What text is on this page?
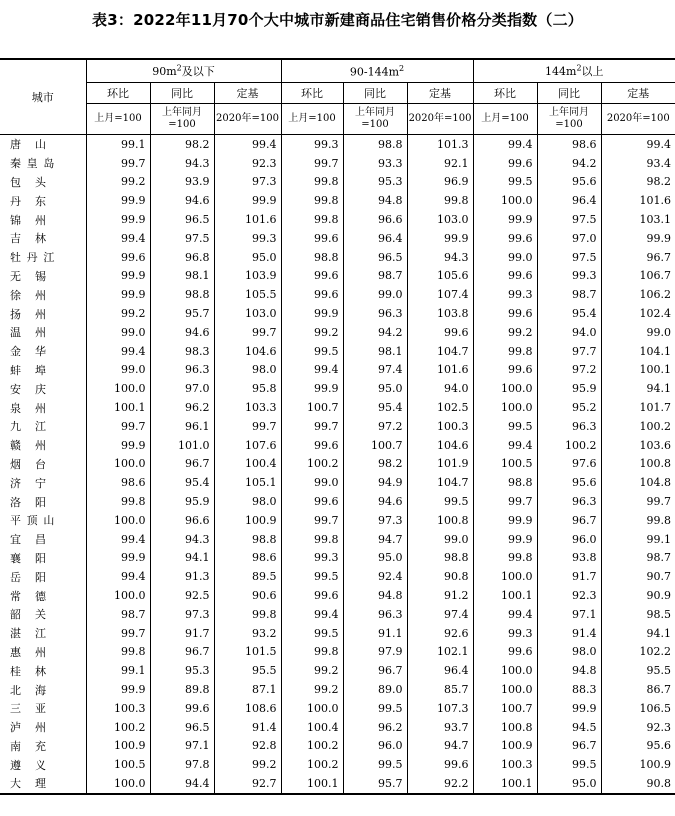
表3：2022年11月70个大中城市新建商品住宅销售价格分类指数（二）
城市	$90m^2$及以下			$90-144m^2$			$144m^2$以上		
	环比	同比	定基	环比	同比	定基	环比	同比	定基
	上月=100	上年同月=100	2020年=100	上月=100	上年同月=100	2020年=100	上月=100	上年同月=100	2020年=100

唐 山	99.1	98.2	99.4	99.3	98.8	101.3	99.4	98.6	99.4

秦 皇 岛	99.7	94.3	92.3	99.7	93.3	92.1	99.6	94.2	93.4

包 头	99.2	93.9	97.3	99.8	95.3	96.9	99.5	95.6	98.2

丹 东	99.9	94.6	99.9	99.8	94.8	99.8	100.0	96.4	101.6

锦 州	99.9	96.5	101.6	99.8	96.6	103.0	99.9	97.5	103.1

吉 林	99.4	97.5	99.3	99.6	96.4	99.9	99.6	97.0	99.9

牡 丹 江	99.6	96.8	95.0	98.8	96.5	94.3	99.0	97.5	96.7

无 锡	99.9	98.1	103.9	99.6	98.7	105.6	99.6	99.3	106.7

徐 州	99.9	98.8	105.5	99.6	99.0	107.4	99.3	98.7	106.2

扬 州	99.2	95.7	103.0	99.9	96.3	103.8	99.6	95.4	102.4

温 州	99.0	94.6	99.7	99.2	94.2	99.6	99.2	94.0	99.0

金 华	99.4	98.3	104.6	99.5	98.1	104.7	99.8	97.7	104.1

蚌 埠	99.0	96.3	98.0	99.4	97.4	101.6	99.6	97.2	100.1

安 庆	100.0	97.0	95.8	99.9	95.0	94.0	100.0	95.9	94.1

泉 州	100.1	96.2	103.3	100.7	95.4	102.5	100.0	95.2	101.7

九 江	99.7	96.1	99.7	99.7	97.2	100.3	99.5	96.3	100.2

赣 州	99.9	101.0	107.6	99.6	100.7	104.6	99.4	100.2	103.6

烟 台	100.0	96.7	100.4	100.2	98.2	101.9	100.5	97.6	100.8

济 宁	98.6	95.4	105.1	99.0	94.9	104.7	98.8	95.6	104.8

洛 阳	99.8	95.9	98.0	99.6	94.6	99.5	99.7	96.3	99.7

平 顶 山	100.0	96.6	100.9	99.7	97.3	100.8	99.9	96.7	99.8

宜 昌	99.4	94.3	98.8	99.8	94.7	99.0	99.9	96.0	99.1

襄 阳	99.9	94.1	98.6	99.3	95.0	98.8	99.8	93.8	98.7

岳 阳	99.4	91.3	89.5	99.5	92.4	90.8	100.0	91.7	90.7

常 德	100.0	92.5	90.6	99.6	94.8	91.2	100.1	92.3	90.9

韶 关	98.7	97.3	99.8	99.4	96.3	97.4	99.4	97.1	98.5

湛 江	99.7	91.7	93.2	99.5	91.1	92.6	99.3	91.4	94.1

惠 州	99.8	96.7	101.5	99.8	97.9	102.1	99.6	98.0	102.2

桂 林	99.1	95.3	95.5	99.2	96.7	96.4	100.0	94.8	95.5

北 海	99.9	89.8	87.1	99.2	89.0	85.7	100.0	88.3	86.7

三 亚	100.3	99.6	108.6	100.0	99.5	107.3	100.7	99.9	106.5

泸 州	100.2	96.5	91.4	100.4	96.2	93.7	100.8	94.5	92.3

南 充	100.9	97.1	92.8	100.2	96.0	94.7	100.9	96.7	95.6

遵 义	100.5	97.8	99.2	100.2	99.5	99.6	100.3	99.5	100.9

大 理	100.0	94.4	92.7	100.1	95.7	92.2	100.1	95.0	90.8
